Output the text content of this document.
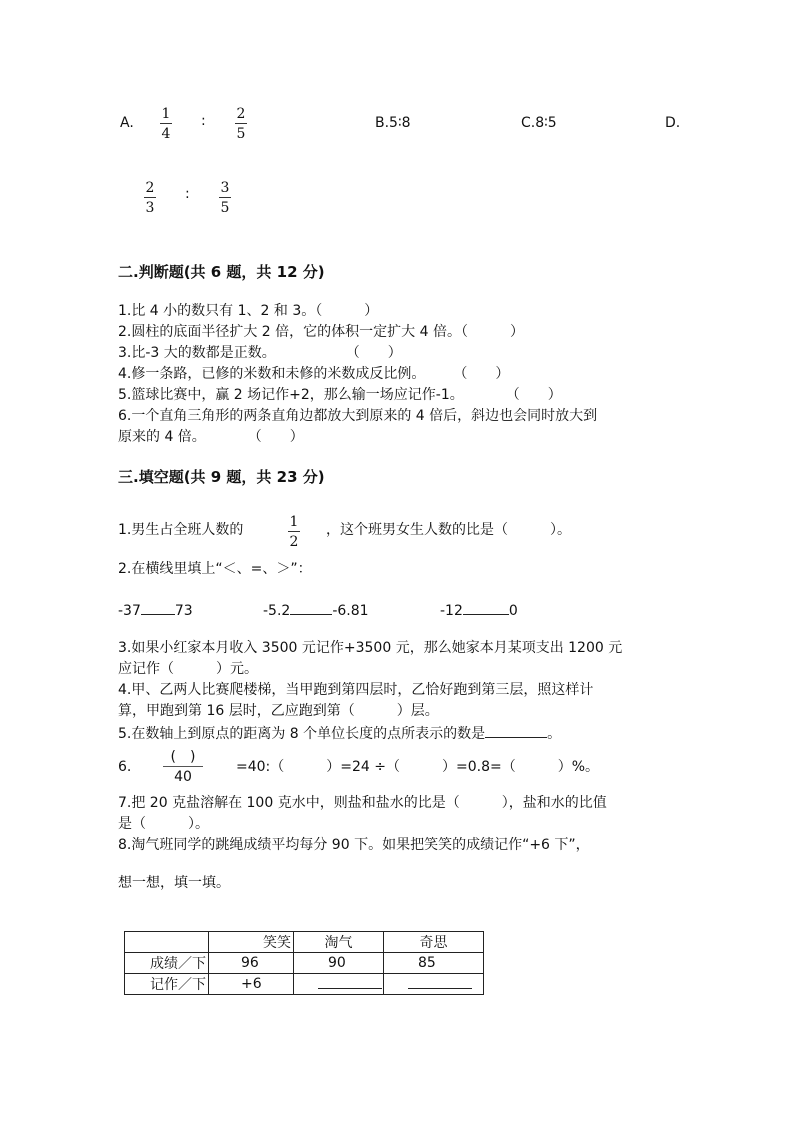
A.
1
4
:	2
5
B.5∶8	C.8∶5	D.
2
3
:	3
5
二.判断题(共 6 题，共 12 分)
1.比 4 小的数只有 1、2 和 3。（　　　）
2.圆柱的底面半径扩大 2 倍，它的体积一定扩大 4 倍。（　　　）
3.比-3 大的数都是正数。　　　　　　（　　）
4.修一条路，已修的米数和未修的米数成反比例。　　　（　　）
5.篮球比赛中，赢 2 场记作+2，那么输一场应记作-1。　　　　（　　）
6.一个直角三角形的两条直角边都放大到原来的 4 倍后，斜边也会同时放大到
原来的 4 倍。　　　　（　　）
三.填空题(共 9 题，共 23 分)
1.男生占全班人数的	1
2
，这个班男女生人数的比是（　　　）。
2.在横线里填上“＜、=、＞”：
-37 73	-5.2	-6.81	-12	0
3.如果小红家本月收入 3500 元记作+3500 元，那么她家本月某项支出 1200 元
应记作（　　　）元。
4.甲、乙两人比赛爬楼梯，当甲跑到第四层时，乙恰好跑到第三层，照这样计
算，甲跑到第 16 层时，乙应跑到第（　　　）层。
5.在数轴上到原点的距离为 8 个单位长度的点所表示的数是	。
6.
(　)
40
=40:（　　　）=24 ÷（　　　）=0.8=（　　　）%。
7.把 20 克盐溶解在 100 克水中，则盐和盐水的比是（　　　），盐和水的比值
是（　　　）。
8.淘气班同学的跳绳成绩平均每分 90 下。如果把笑笑的成绩记作“+6 下”，
想一想，填一填。
	笑笑	淘气	奇思
成绩／下	96	90	85
记作／下	+6		
